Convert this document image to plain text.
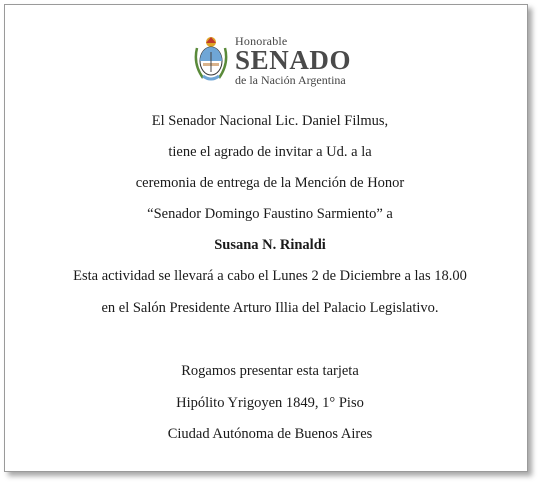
Honorable
SENADO
de la Nación Argentina
El Senador Nacional Lic. Daniel Filmus,
tiene el agrado de invitar a Ud. a la
ceremonia de entrega de la Mención de Honor
“Senador Domingo Faustino Sarmiento” a
Susana N. Rinaldi
Esta actividad se llevará a cabo el Lunes 2 de Diciembre a las 18.00
en el Salón Presidente Arturo Illia del Palacio Legislativo.
Rogamos presentar esta tarjeta
Hipólito Yrigoyen 1849, 1° Piso
Ciudad Autónoma de Buenos Aires
